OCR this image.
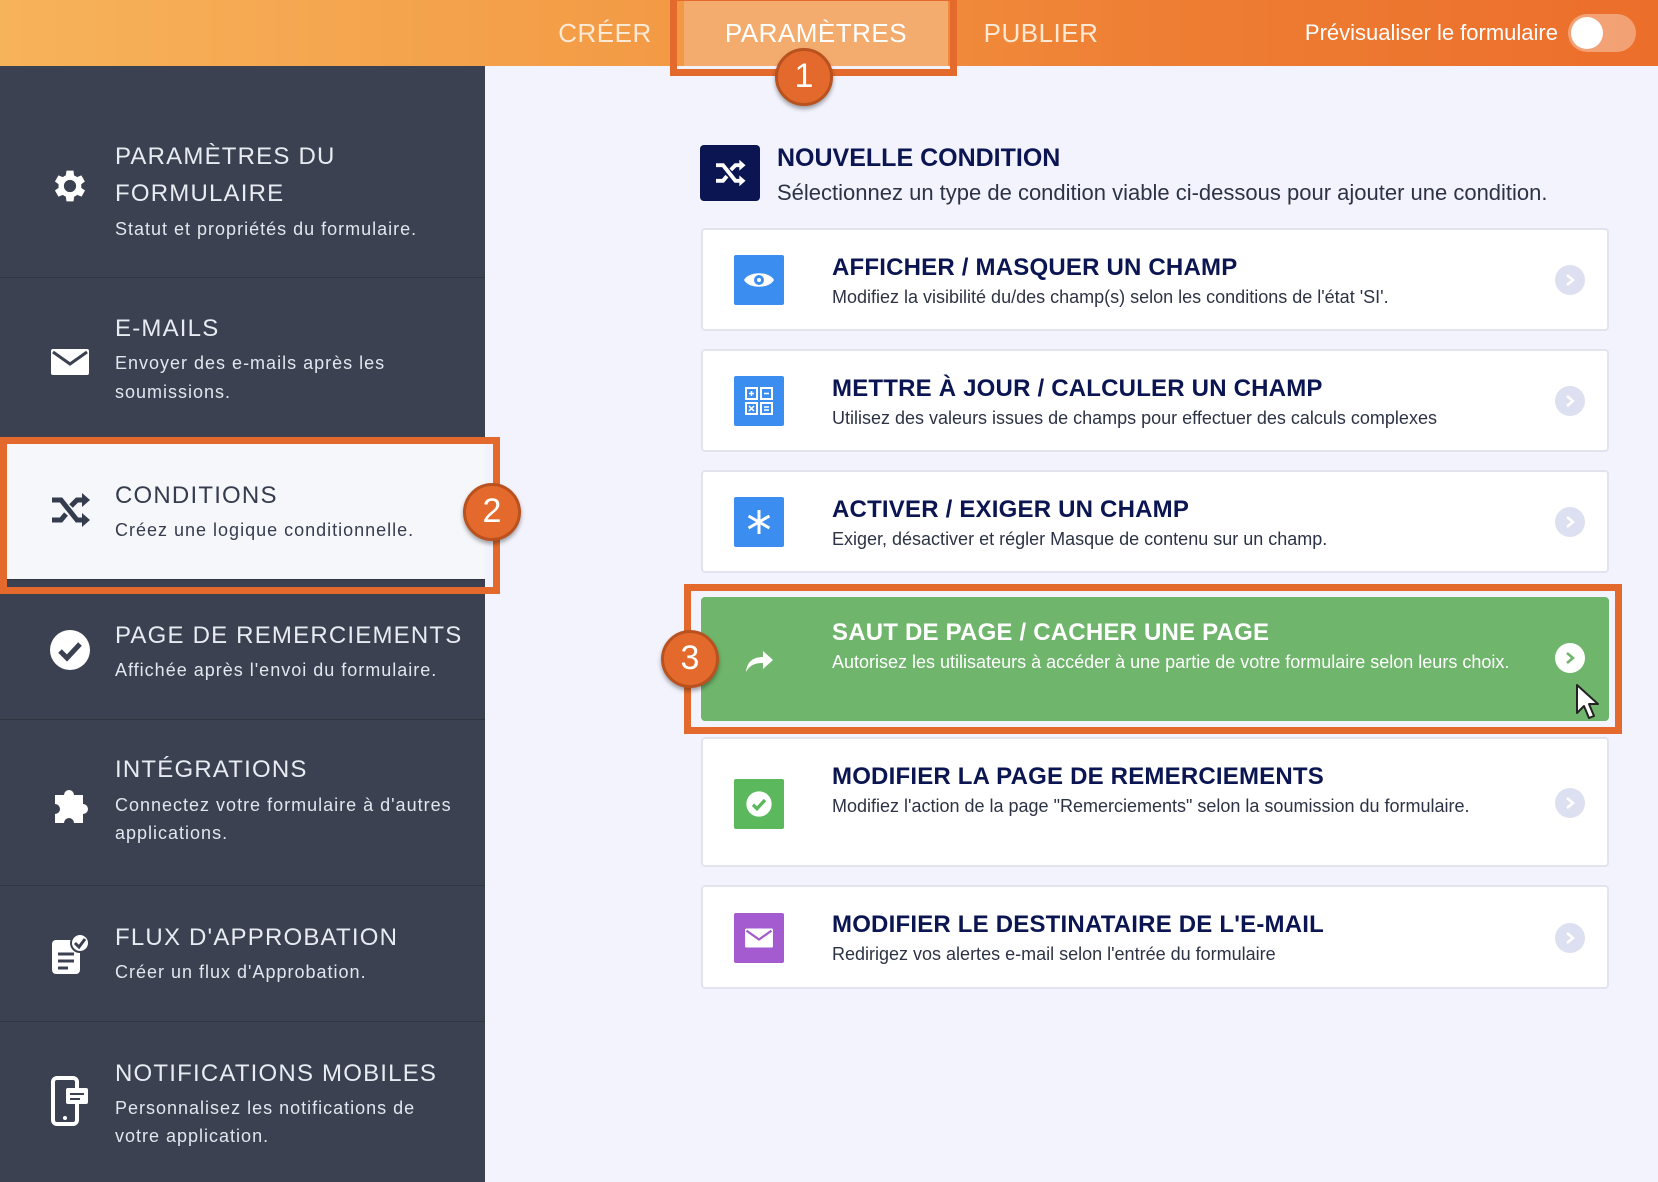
CRÉER	PARAMÈTRES	PUBLIER	Prévisualiser le formulaire
PARAMÈTRES DU
FORMULAIRE
Statut et propriétés du formulaire.
E-MAILS
Envoyer des e-mails après les
soumissions.
CONDITIONS
Créez une logique conditionnelle.
PAGE DE REMERCIEMENTS
Affichée après l'envoi du formulaire.
INTÉGRATIONS
Connectez votre formulaire à d'autres
applications.
FLUX D'APPROBATION
Créer un flux d'Approbation.
NOTIFICATIONS MOBILES
Personnalisez les notifications de
votre application.
NOUVELLE CONDITION
Sélectionnez un type de condition viable ci-dessous pour ajouter une condition.
AFFICHER / MASQUER UN CHAMP
Modifiez la visibilité du/des champ(s) selon les conditions de l'état 'SI'.
METTRE À JOUR / CALCULER UN CHAMP
Utilisez des valeurs issues de champs pour effectuer des calculs complexes
ACTIVER / EXIGER UN CHAMP
Exiger, désactiver et régler Masque de contenu sur un champ.
SAUT DE PAGE / CACHER UNE PAGE
Autorisez les utilisateurs à accéder à une partie de votre formulaire selon leurs choix.
MODIFIER LA PAGE DE REMERCIEMENTS
Modifiez l'action de la page "Remerciements" selon la soumission du formulaire.
MODIFIER LE DESTINATAIRE DE L'E-MAIL
Redirigez vos alertes e-mail selon l'entrée du formulaire
1
2
3
